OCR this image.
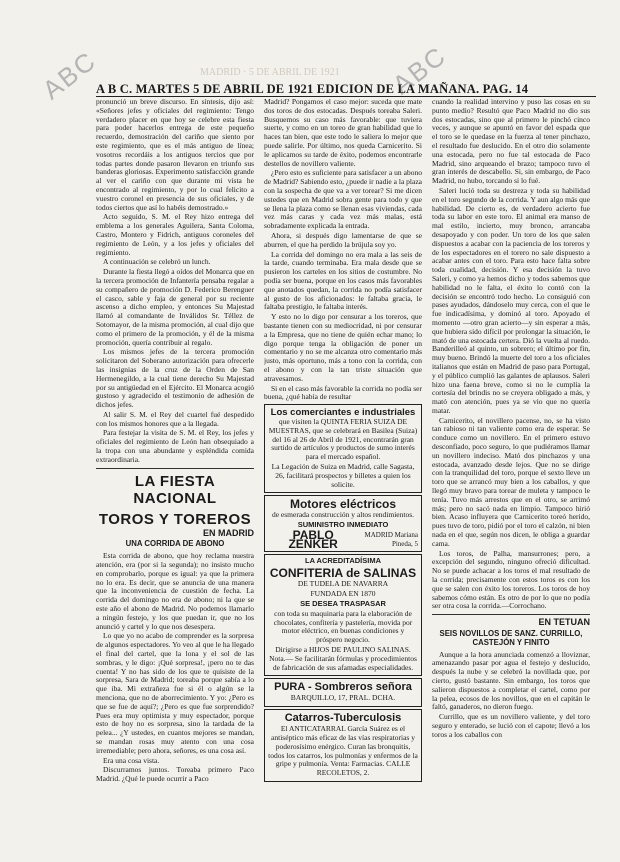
MADRID · 5 DE ABRIL DE 1921
ABC	ABC
A B C. MARTES 5 DE ABRIL DE 1921 EDICION DE LA MAÑANA. PAG. 14

pronunció un breve discurso. En síntesis, dijo así: «Señores jefes y oficiales del regimiento: Tengo verdadero placer en que hoy se celebre esta fiesta para poder hacerlos entrega de este pequeño recuerdo, demostración del cariño que siento por este regimiento, que es el más antiguo de línea; vosotros recordáis a los antiguos tercios que por todas partes donde pasaron llevaron en triunfo sus banderas gloriosas. Experimento satisfacción grande al ver el cariño con que durante mi vista he encontrado al regimiento, y por lo cual felicito a vuestro coronel en presencia de sus oficiales, y de todos ciertos que así lo habéis demostrado.»

Acto seguido, S. M. el Rey hizo entrega del emblema a los generales Aguilera, Santa Coloma, Castro, Montero y Fidrich, antiguos coroneles del regimiento de León, y a los jefes y oficiales del regimiento.

A continuación se celebró un lunch.

Durante la fiesta llegó a oídos del Monarca que en la tercera promoción de Infantería pensaba regalar a su compañero de promoción D. Federico Berenguer el casco, sable y faja de general por su reciente ascenso a dicho empleo, y entonces Su Majestad llamó al comandante de Inválidos Sr. Téllez de Sotomayor, de la misma promoción, al cual dijo que como el primero de la promoción, y él de la misma promoción, quería contribuir al regalo.

Los mismos jefes de la tercera promoción solicitaron del Soberano autorización para ofrecerle las insignias de la cruz de la Orden de San Hermenegildo, a la cual tiene derecho Su Majestad por su antigüedad en el Ejército. El Monarca acogió gustoso y agradecido el testimonio de adhesión de dichos jefes.

Al salir S. M. el Rey del cuartel fué despedido con los mismos honores que a la llegada.

Para festejar la visita de S. M. el Rey, los jefes y oficiales del regimiento de León han obsequiado a la tropa con una abundante y espléndida comida extraordinaria.

LA FIESTA NACIONAL
TOROS Y TOREROS
EN MADRID
UNA CORRIDA DE ABONO

Esta corrida de abono, que hoy reclama nuestra atención, era (por si la segunda); no insisto mucho en comprobarlo, porque es igual: ya que la primera no lo era. Es decir, que se anuncia de una manera que la inconveniencia de cuestión de fecha. La corrida del domingo no era de abono; ni la que se este año el abono de Madrid. No podemos llamarlo a ningún festejo, y los que puedan ir, que no los anunció y cartel y lo que nos desespera.

Lo que yo no acabo de comprender es la sorpresa de algunos espectadores. Yo veo al que le ha llegado el final del cartel, que la lona y el sol de las sombras, y le digo: ¡Qué sorpresa!, ¡pero no te das cuenta! Y no has sido de los que te quisiste de la sorpresa, Sara de Madrid; toreaba porque sabía a lo que iba. Mi extrañeza fue si él o algún se la menciona, que no de aborrecimiento. Y yo: ¿Pero es que se fue de aquí?; ¿Pero es que fue sorprendido? Pues era muy optimista y muy espectador, porque esto de hoy no es sorpresa, sino la tardada de la pelea... ¿Y ustedes, en cuantos mejores se mandan, se mandan rosas muy atento con una cosa irremediable; pero ahora, señores, es una cosa así.

Era una cosa vista.

Discurramos juntos. Toreaba primero Paco Madrid. ¿Qué le puede ocurrir a Paco

Madrid? Pongamos el caso mejor: suceda que mate dos toros de dos estocadas. Después toreaba Saleri. Busquemos su caso más favorable: que tuviera suerte, y como en un toreo de gran habilidad que lo haces tan bien, que este todo le saliera lo mejor que puede salirle. Por último, nos queda Carnicerito. Si le aplicamos su tarde de éxito, podemos encontrarle destellos de novillero valiente.

¿Pero esto es suficiente para satisfacer a un abono de Madrid? Sabiendo esto, ¿puede ir nadie a la plaza con la sospecha de que va a ver torear? Si me dicen ustedes que en Madrid sobra gente para todo y que se llena la plaza como se llenan esas viviendas, cada vez más caras y cada vez más malas, está sobradamente explicada la entrada.

Ahora, si después digo lamentarse de que se aburren, el que ha perdido la brújula soy yo.

La corrida del domingo no era mala a las seis de la tarde, cuando terminaba. Era mala desde que se pusieron los carteles en los sitios de costumbre. No podía ser buena, porque en los casos más favorables que anotados quedan, la corrida no podía satisfacer al gusto de los aficionados: le faltaba gracia, le faltaba prestigio, le faltaba interés.

Y esto no lo digo por censurar a los toreros, que bastante tienen con su mediocridad, ni por censurar a la Empresa, que no tiene de quién echar mano; lo digo porque tenga la obligación de poner un comentario y no se me alcanza otro comentario más justo, más oportuno, más a tono con la corrida, con el abono y con la tan triste situación que atravesamos.

Si en el caso más favorable la corrida no podía ser buena, ¿qué había de resultar

Los comerciantes e industriales

que visiten la QUINTA FERIA SUIZA DE MUESTRAS, que se celebrará en Basilea (Suiza) del 16 al 26 de Abril de 1921, encontrarán gran surtido de artículos y productos de sumo interés para el mercado español.

La Legación de Suiza en Madrid, calle Sagasta, 26, facilitará prospectos y billetes a quien los solicite.

Motores eléctricos

de esmerada construcción y altos rendimientos.

SUMINISTRO INMEDIATO

PABLO ZENKER
MADRID Mariana Pineda, 5

LA ACREDITADÍSIMA

CONFITERIA de SALINAS

DE TUDELA DE NAVARRA

FUNDADA EN 1870

SE DESEA TRASPASAR

con toda su maquinaria para la elaboración de chocolates, confitería y pastelería, movida por motor eléctrico, en buenas condiciones y próspero negocio.

Dirigirse a HIJOS DE PAULINO SALINAS. Nota.— Se facilitarán fórmulas y procedimientos de fabricación de sus afamadas especialidades.

PURA - Sombreros señora

BARQUILLO, 17, PRAL. DCHA.

Catarros-Tuberculosis

El ANTICATARRAL García Suárez es el antiséptico más eficaz de las vías respiratorias y poderosísimo enérgico. Curan las bronquitis, todos los catarros, los pulmonías y enfermos de la gripe y pulmonía. Venta: Farmacias. CALLE RECOLETOS, 2.

cuando la realidad intervino y puso las cosas en su punto medio? Resultó que Paco Madrid no dio sus dos estocadas, sino que al primero le pinchó cinco veces, y aunque se apuntó en favor del espada que el toro se le quedase en la fuerza al tener pinchazo, el resultado fue deslucido. En el otro dio solamente una estocada, pero no fue tal estocada de Paco Madrid, sino arqueando el brazo; tampoco tuvo el gran interés de descabello. Si, sin embargo, de Paco Madrid, no hubo, torcando si lo fué.

Saleri lució toda su destreza y toda su habilidad en el toro segundo de la corrida. Y aun algo más que habilidad. De cierto es, de verdadero acierto fue toda su labor en este toro. El animal era manso de mal estilo, incierto, muy bronco, arrancaba desapoyado y con poder. Un toro de los que salen dispuestos a acabar con la paciencia de los toreros y de los espectadores en el torero no sale dispuesto a acabar antes con el toro. Para esto hace falta sobre toda cualidad, decisión. Y esa decisión la tuvo Saleri, y como ya hemos dicho y todos sabemos que habilidad no le falta, el éxito lo contó con la decisión se encontró todo hecho. Lo consiguió con pases ayudados, dándoselo muy cerca, con el que le fue indicadísima, y dominó al toro. Apoyado el momento —otro gran acierto—y sin esperar a más, que hubiera sido difícil por prolongar la situación, le mató de una estocada certera. Dió la vuelta al ruedo. Banderilleó al quinto, un sobrero; el último por fin, muy bueno. Brindó la muerte del toro a los oficiales italianos que están en Madrid de paso para Portugal, y el público cumplió las galantes de aplausos. Saleri hizo una faena breve, como si no le cumplía la cortesía del brindis no se creyera obligado a más, y mató con atención, pues ya se vio que no quería matar.

Carnicerito, el novillero pacense, no, se ha visto tan rabioso ni tan valiente como era de esperar. Se conduce como un novillero. En el primero estuvo desconfiado, poco seguro, lo que pudiéramos llamar un novillero indeciso. Mató dos pinchazos y una estocada, avanzado desde lejos. Que no se dirige con la tranquilidad del toro, porque el sexto lleve un toro que se arrancó muy bien a los caballos, y que llegó muy bravo para torear de muleta y tampoco le tenía. Tuvo más arrestos que en el otro, se arrimó más; pero no sacó nada en limpio. Tampoco hirió bien. Acaso influyera que Carnicerito toreó herido, pues tuvo de toro, pidió por el toro el calzón, ni bien nada en el que, según nos dicen, le obliga a guardar cama.

Los toros, de Palha, mansurrones; pero, a excepción del segundo, ninguno ofreció dificultad. No se puede achacar a los toros el mal resultado de la corrida; precisamente con estos toros es con los que se salen con éxito los toreros. Los toros de hoy sabemos cómo están. Es otro de por lo que no podía ser otra cosa la corrida.—Corrochano.

EN TETUAN
SEIS NOVILLOS DE SANZ. CURRILLO, CASTEJÓN Y FINITO

Aunque a la hora anunciada comenzó a lloviznar, amenazando pasar por agua el festejo y deslucido, después la nube y se celebró la novillada que, por cierto, gustó bastante. Sin embargo, los toros que salieron dispuestos a completar el cartel, como por la pelea, ecosos de los novillos, que en el capitán le faltó, ganaderos, no dieron fuego.

Currillo, que es un novillero valiente, y del toro seguro y enterado, se lució con el capote; llevó a los toros a los caballos con
